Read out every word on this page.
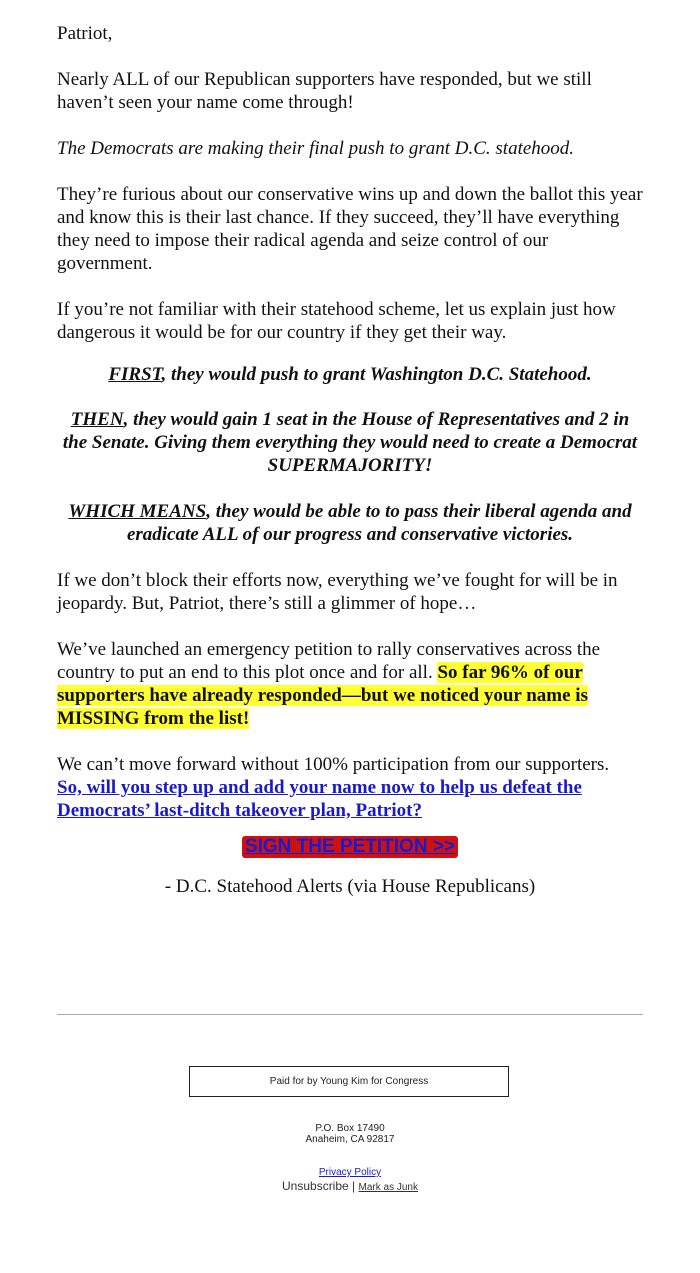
Patriot,

Nearly ALL of our Republican supporters have responded, but we still haven’t seen your name come through!

The Democrats are making their final push to grant D.C. statehood.

They’re furious about our conservative wins up and down the ballot this year and know this is their last chance. If they succeed, they’ll have everything they need to impose their radical agenda and seize control of our government.

If you’re not familiar with their statehood scheme, let us explain just how dangerous it would be for our country if they get their way.

FIRST, they would push to grant Washington D.C. Statehood.

THEN, they would gain 1 seat in the House of Representatives and 2 in the Senate. Giving them everything they would need to create a Democrat SUPERMAJORITY!

WHICH MEANS, they would be able to to pass their liberal agenda and eradicate ALL of our progress and conservative victories.

If we don’t block their efforts now, everything we’ve fought for will be in jeopardy. But, Patriot, there’s still a glimmer of hope…

We’ve launched an emergency petition to rally conservatives across the country to put an end to this plot once and for all. So far 96% of our supporters have already responded—but we noticed your name is MISSING from the list!

We can’t move forward without 100% participation from our supporters.
So, will you step up and add your name now to help us defeat the Democrats’ last-ditch takeover plan, Patriot?

SIGN THE PETITION >>

- D.C. Statehood Alerts (via House Republicans)

Paid for by Young Kim for Congress
P.O. Box 17490
Anaheim, CA 92817
Privacy Policy
Unsubscribe | Mark as Junk
